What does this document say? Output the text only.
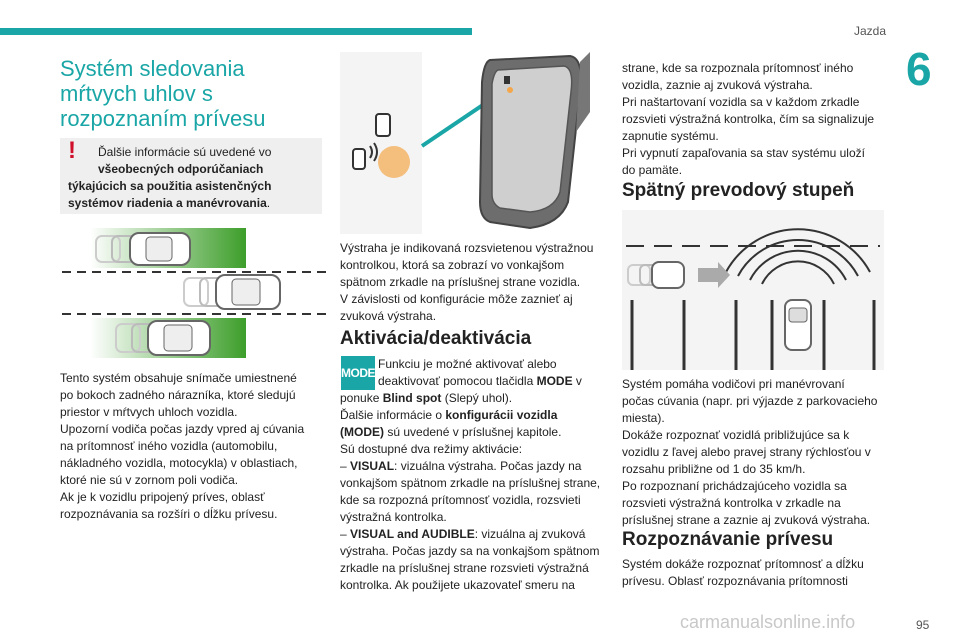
Jazda
6
Systém sledovania
mŕtvych uhlov s
rozpoznaním prívesu
!	Ďalšie informácie sú uvedené vo

všeobecných odporúčaniach

týkajúcich sa použitia asistenčných

systémov riadenia a manévrovania.

Tento systém obsahuje snímače umiestnené

po bokoch zadného nárazníka, ktoré sledujú

priestor v mŕtvych uhloch vozidla.

Upozorní vodiča počas jazdy vpred aj cúvania

na prítomnosť iného vozidla (automobilu,

nákladného vozidla, motocykla) v oblastiach,

ktoré nie sú v zornom poli vodiča.

Ak je k vozidlu pripojený príves, oblasť

rozpoznávania sa rozšíri o dĺžku prívesu.

Výstraha je indikovaná rozsvietenou výstražnou

kontrolkou, ktorá sa zobrazí vo vonkajšom

spätnom zrkadle na príslušnej strane vozidla.

V závislosti od konfigurácie môže zaznieť aj

zvuková výstraha.

Aktivácia/deaktivácia
MODE

Funkciu je možné aktivovať alebo

deaktivovať pomocou tlačidla MODE v

ponuke Blind spot (Slepý uhol).

Ďalšie informácie o konfigurácii vozidla

(MODE) sú uvedené v príslušnej kapitole.

Sú dostupné dva režimy aktivácie:

– VISUAL: vizuálna výstraha. Počas jazdy na

vonkajšom spätnom zrkadle na príslušnej strane,

kde sa rozpozná prítomnosť vozidla, rozsvieti

výstražná kontrolka.

– VISUAL and AUDIBLE: vizuálna aj zvuková

výstraha. Počas jazdy sa na vonkajšom spätnom

zrkadle na príslušnej strane rozsvieti výstražná

kontrolka. Ak použijete ukazovateľ smeru na

strane, kde sa rozpoznala prítomnosť iného

vozidla, zaznie aj zvuková výstraha.

Pri naštartovaní vozidla sa v každom zrkadle

rozsvieti výstražná kontrolka, čím sa signalizuje

zapnutie systému.

Pri vypnutí zapaľovania sa stav systému uloží

do pamäte.

Spätný prevodový stupeň

Systém pomáha vodičovi pri manévrovaní

počas cúvania (napr. pri výjazde z parkovacieho

miesta).

Dokáže rozpoznať vozidlá približujúce sa k

vozidlu z ľavej alebo pravej strany rýchlosťou v

rozsahu približne od 1 do 35 km/h.

Po rozpoznaní prichádzajúceho vozidla sa

rozsvieti výstražná kontrolka v zrkadle na

príslušnej strane a zaznie aj zvuková výstraha.

Rozpoznávanie prívesu

Systém dokáže rozpoznať prítomnosť a dĺžku

prívesu. Oblasť rozpoznávania prítomnosti

carmanualsonline.info	95
